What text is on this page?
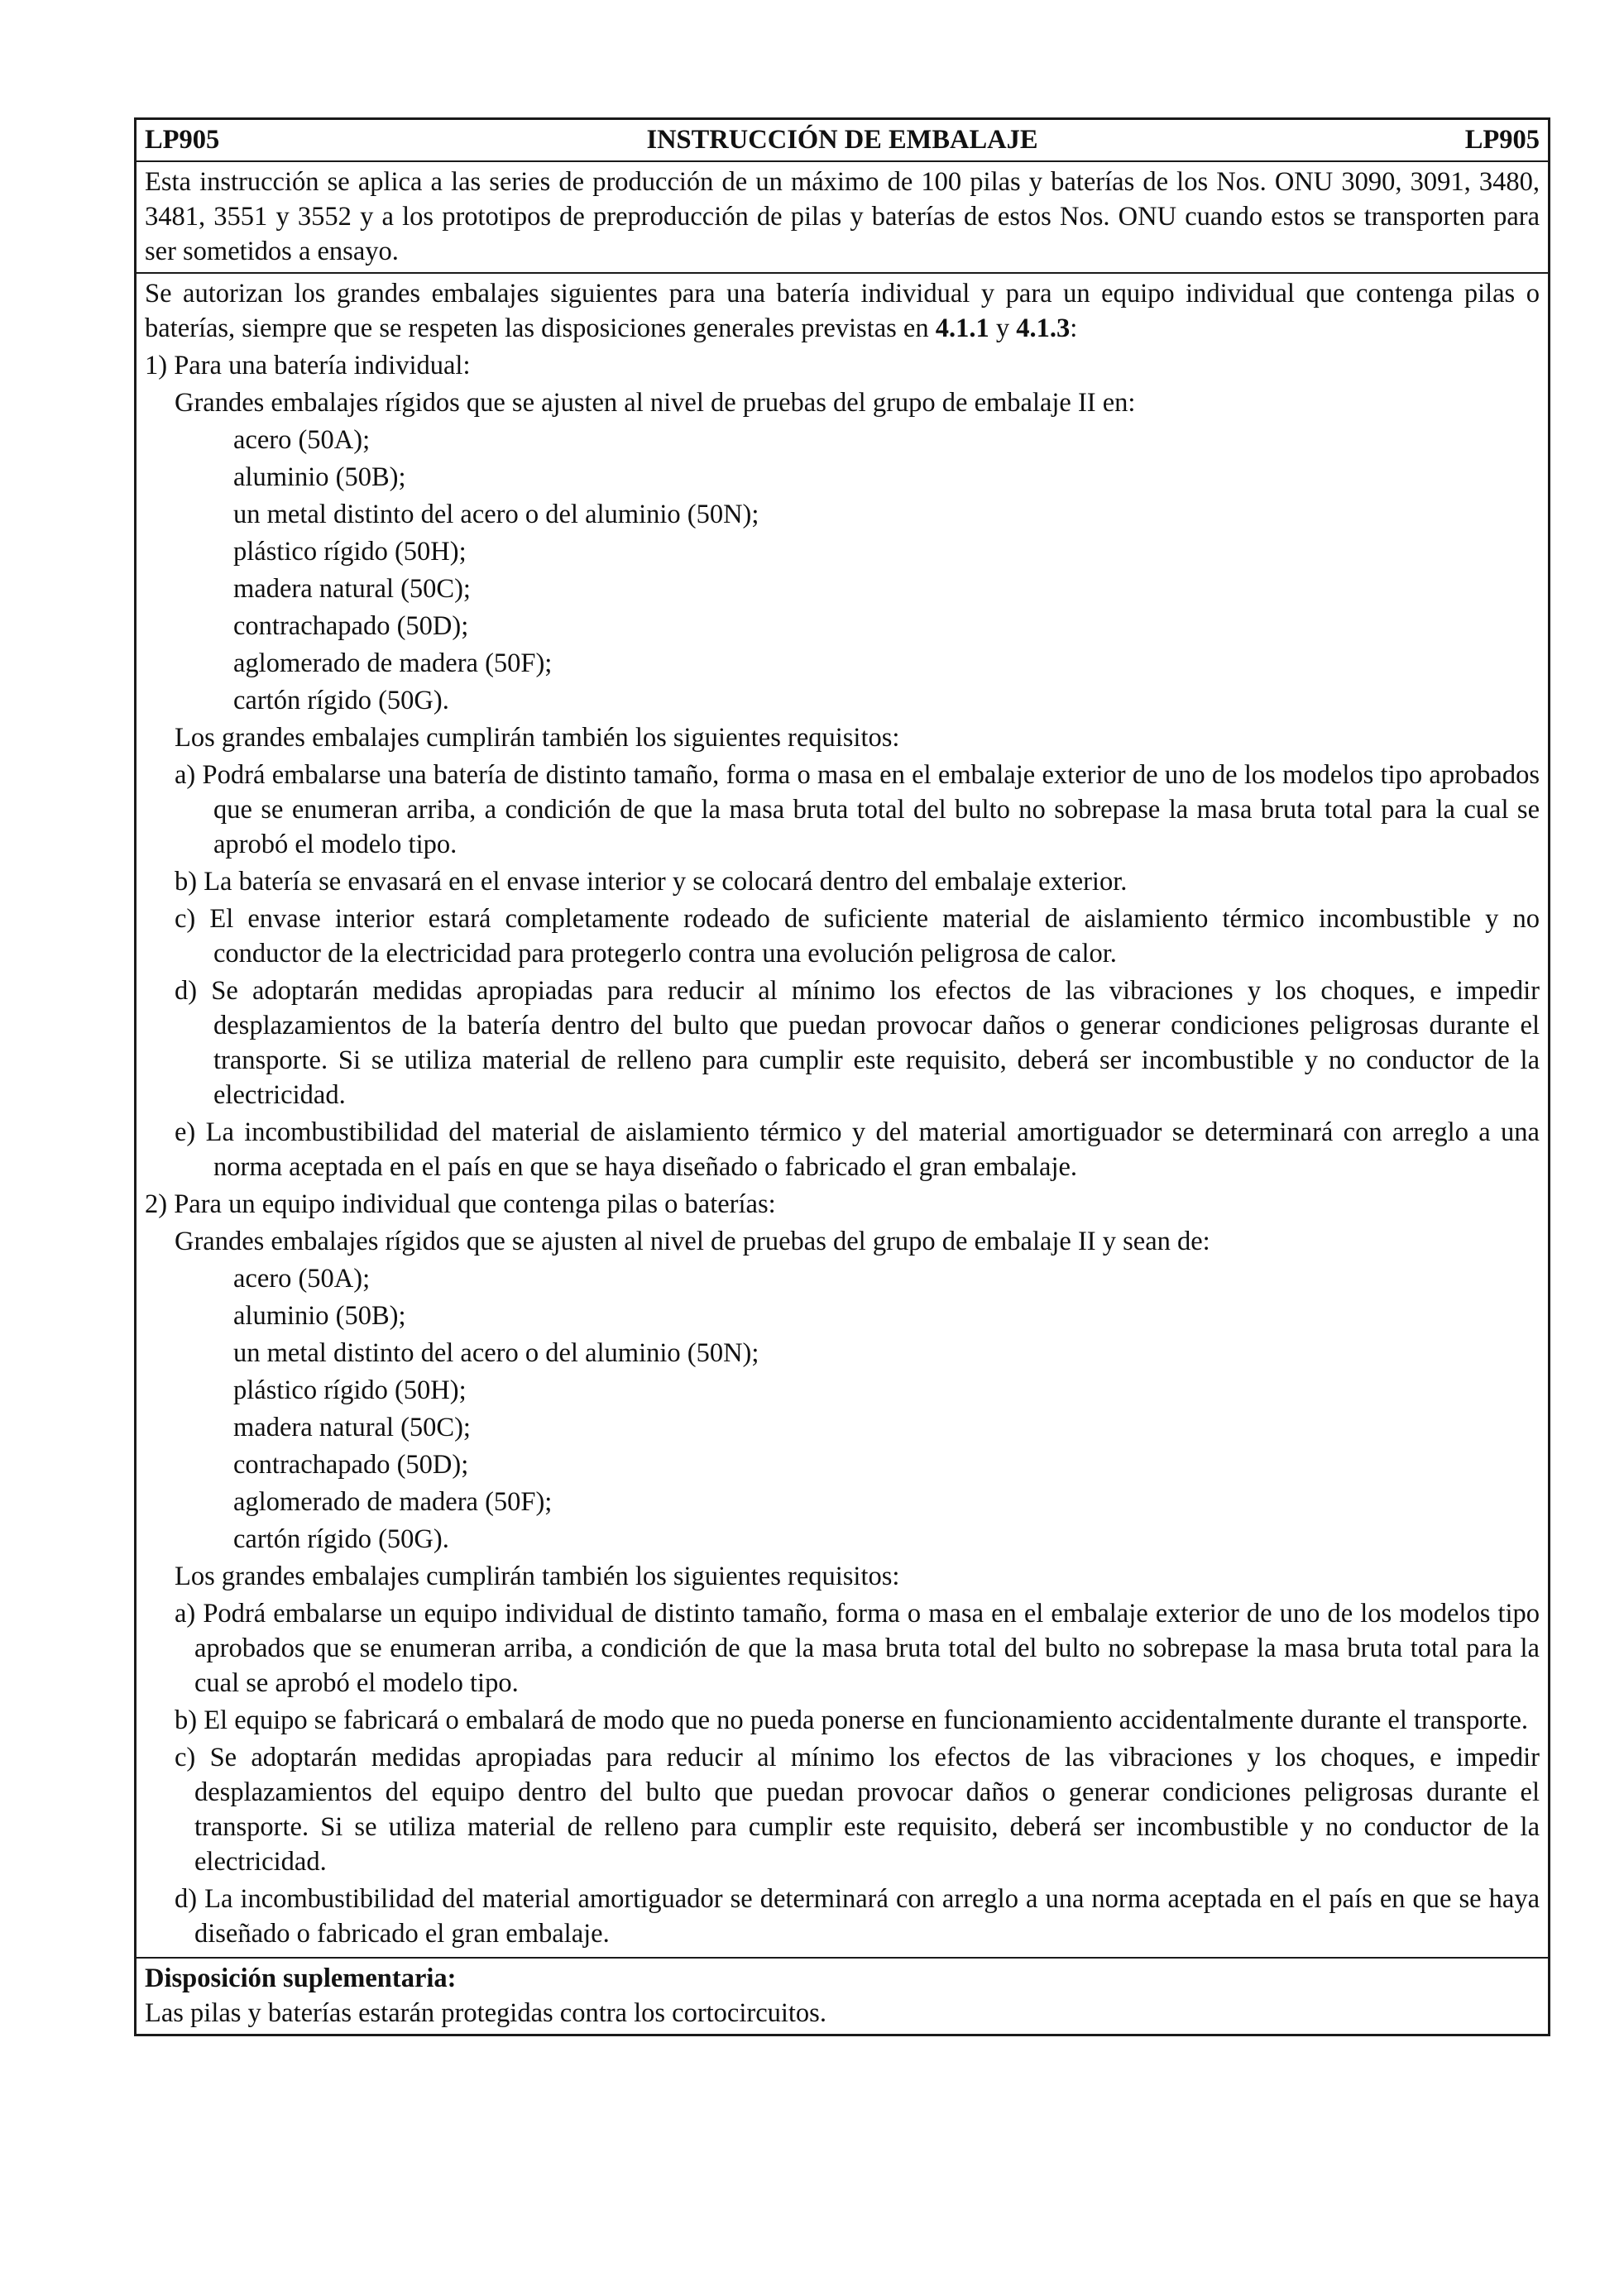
LP905	INSTRUCCIÓN DE EMBALAJE	LP905
Esta instrucción se aplica a las series de producción de un máximo de 100 pilas y baterías de los Nos. ONU 3090, 3091, 3480, 3481, 3551 y 3552 y a los prototipos de preproducción de pilas y baterías de estos Nos. ONU cuando estos se transporten para ser sometidos a ensayo.

Se autorizan los grandes embalajes siguientes para una batería individual y para un equipo individual que contenga pilas o baterías, siempre que se respeten las disposiciones generales previstas en 4.1.1 y 4.1.3:

1) Para una batería individual:

Grandes embalajes rígidos que se ajusten al nivel de pruebas del grupo de embalaje II en:

acero (50A);

aluminio (50B);

un metal distinto del acero o del aluminio (50N);

plástico rígido (50H);

madera natural (50C);

contrachapado (50D);

aglomerado de madera (50F);

cartón rígido (50G).

Los grandes embalajes cumplirán también los siguientes requisitos:

a) Podrá embalarse una batería de distinto tamaño, forma o masa en el embalaje exterior de uno de los modelos tipo aprobados que se enumeran arriba, a condición de que la masa bruta total del bulto no sobrepase la masa bruta total para la cual se aprobó el modelo tipo.
b) La batería se envasará en el envase interior y se colocará dentro del embalaje exterior.
c) El envase interior estará completamente rodeado de suficiente material de aislamiento térmico incombustible y no conductor de la electricidad para protegerlo contra una evolución peligrosa de calor.
d) Se adoptarán medidas apropiadas para reducir al mínimo los efectos de las vibraciones y los choques, e impedir desplazamientos de la batería dentro del bulto que puedan provocar daños o generar condiciones peligrosas durante el transporte. Si se utiliza material de relleno para cumplir este requisito, deberá ser incombustible y no conductor de la electricidad.
e) La incombustibilidad del material de aislamiento térmico y del material amortiguador se determinará con arreglo a una norma aceptada en el país en que se haya diseñado o fabricado el gran embalaje.

2) Para un equipo individual que contenga pilas o baterías:

Grandes embalajes rígidos que se ajusten al nivel de pruebas del grupo de embalaje II y sean de:

acero (50A);

aluminio (50B);

un metal distinto del acero o del aluminio (50N);

plástico rígido (50H);

madera natural (50C);

contrachapado (50D);

aglomerado de madera (50F);

cartón rígido (50G).

Los grandes embalajes cumplirán también los siguientes requisitos:

a) Podrá embalarse un equipo individual de distinto tamaño, forma o masa en el embalaje exterior de uno de los modelos tipo aprobados que se enumeran arriba, a condición de que la masa bruta total del bulto no sobrepase la masa bruta total para la cual se aprobó el modelo tipo.
b) El equipo se fabricará o embalará de modo que no pueda ponerse en funcionamiento accidentalmente durante el transporte.
c) Se adoptarán medidas apropiadas para reducir al mínimo los efectos de las vibraciones y los choques, e impedir desplazamientos del equipo dentro del bulto que puedan provocar daños o generar condiciones peligrosas durante el transporte. Si se utiliza material de relleno para cumplir este requisito, deberá ser incombustible y no conductor de la electricidad.
d) La incombustibilidad del material amortiguador se determinará con arreglo a una norma aceptada en el país en que se haya diseñado o fabricado el gran embalaje.
Disposición suplementaria:
Las pilas y baterías estarán protegidas contra los cortocircuitos.
